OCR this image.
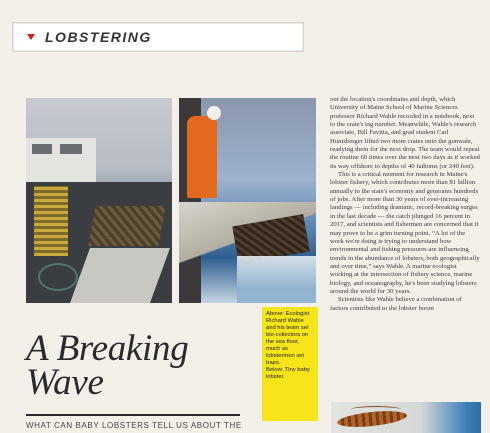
LOBSTERING
A Breaking
Wave
WHAT CAN BABY LOBSTERS TELL US ABOUT THE

Above: Ecologist Richard Wahle and his team set bio-collectors on the sea floor, much as lobstermen set traps.

Below: Tiny baby lobster.

out the location's coordinates and depth, which University of Maine School of Marine Sciences professor Richard Wahle recorded in a notebook, next to the crate's tag number. Meanwhile, Wahle's research associate, Bill Favitta, and grad student Carl Huntsberger lifted two more crates onto the gunwale, readying them for the next drop. The team would repeat the routine 60 times over the next two days as it worked its way offshore to depths of 40 fathoms (or 240 feet).

This is a critical moment for research in Maine's lobster fishery, which contributes more than $1 billion annually to the state's economy and generates hundreds of jobs. After more than 30 years of ever-increasing landings — including dramatic, record-breaking surges in the last decade — the catch plunged 16 percent in 2017, and scientists and fishermen are concerned that it may prove to be a grim turning point. “A lot of the work we're doing is trying to understand how environmental and fishing pressures are influencing trends in the abundance of lobsters, both geographically and over time,” says Wahle. A marine ecologist working at the intersection of fishery science, marine biology, and oceanography, he's been studying lobsters around the world for 30 years.

Scientists like Wahle believe a combination of factors contributed to the lobster boom
